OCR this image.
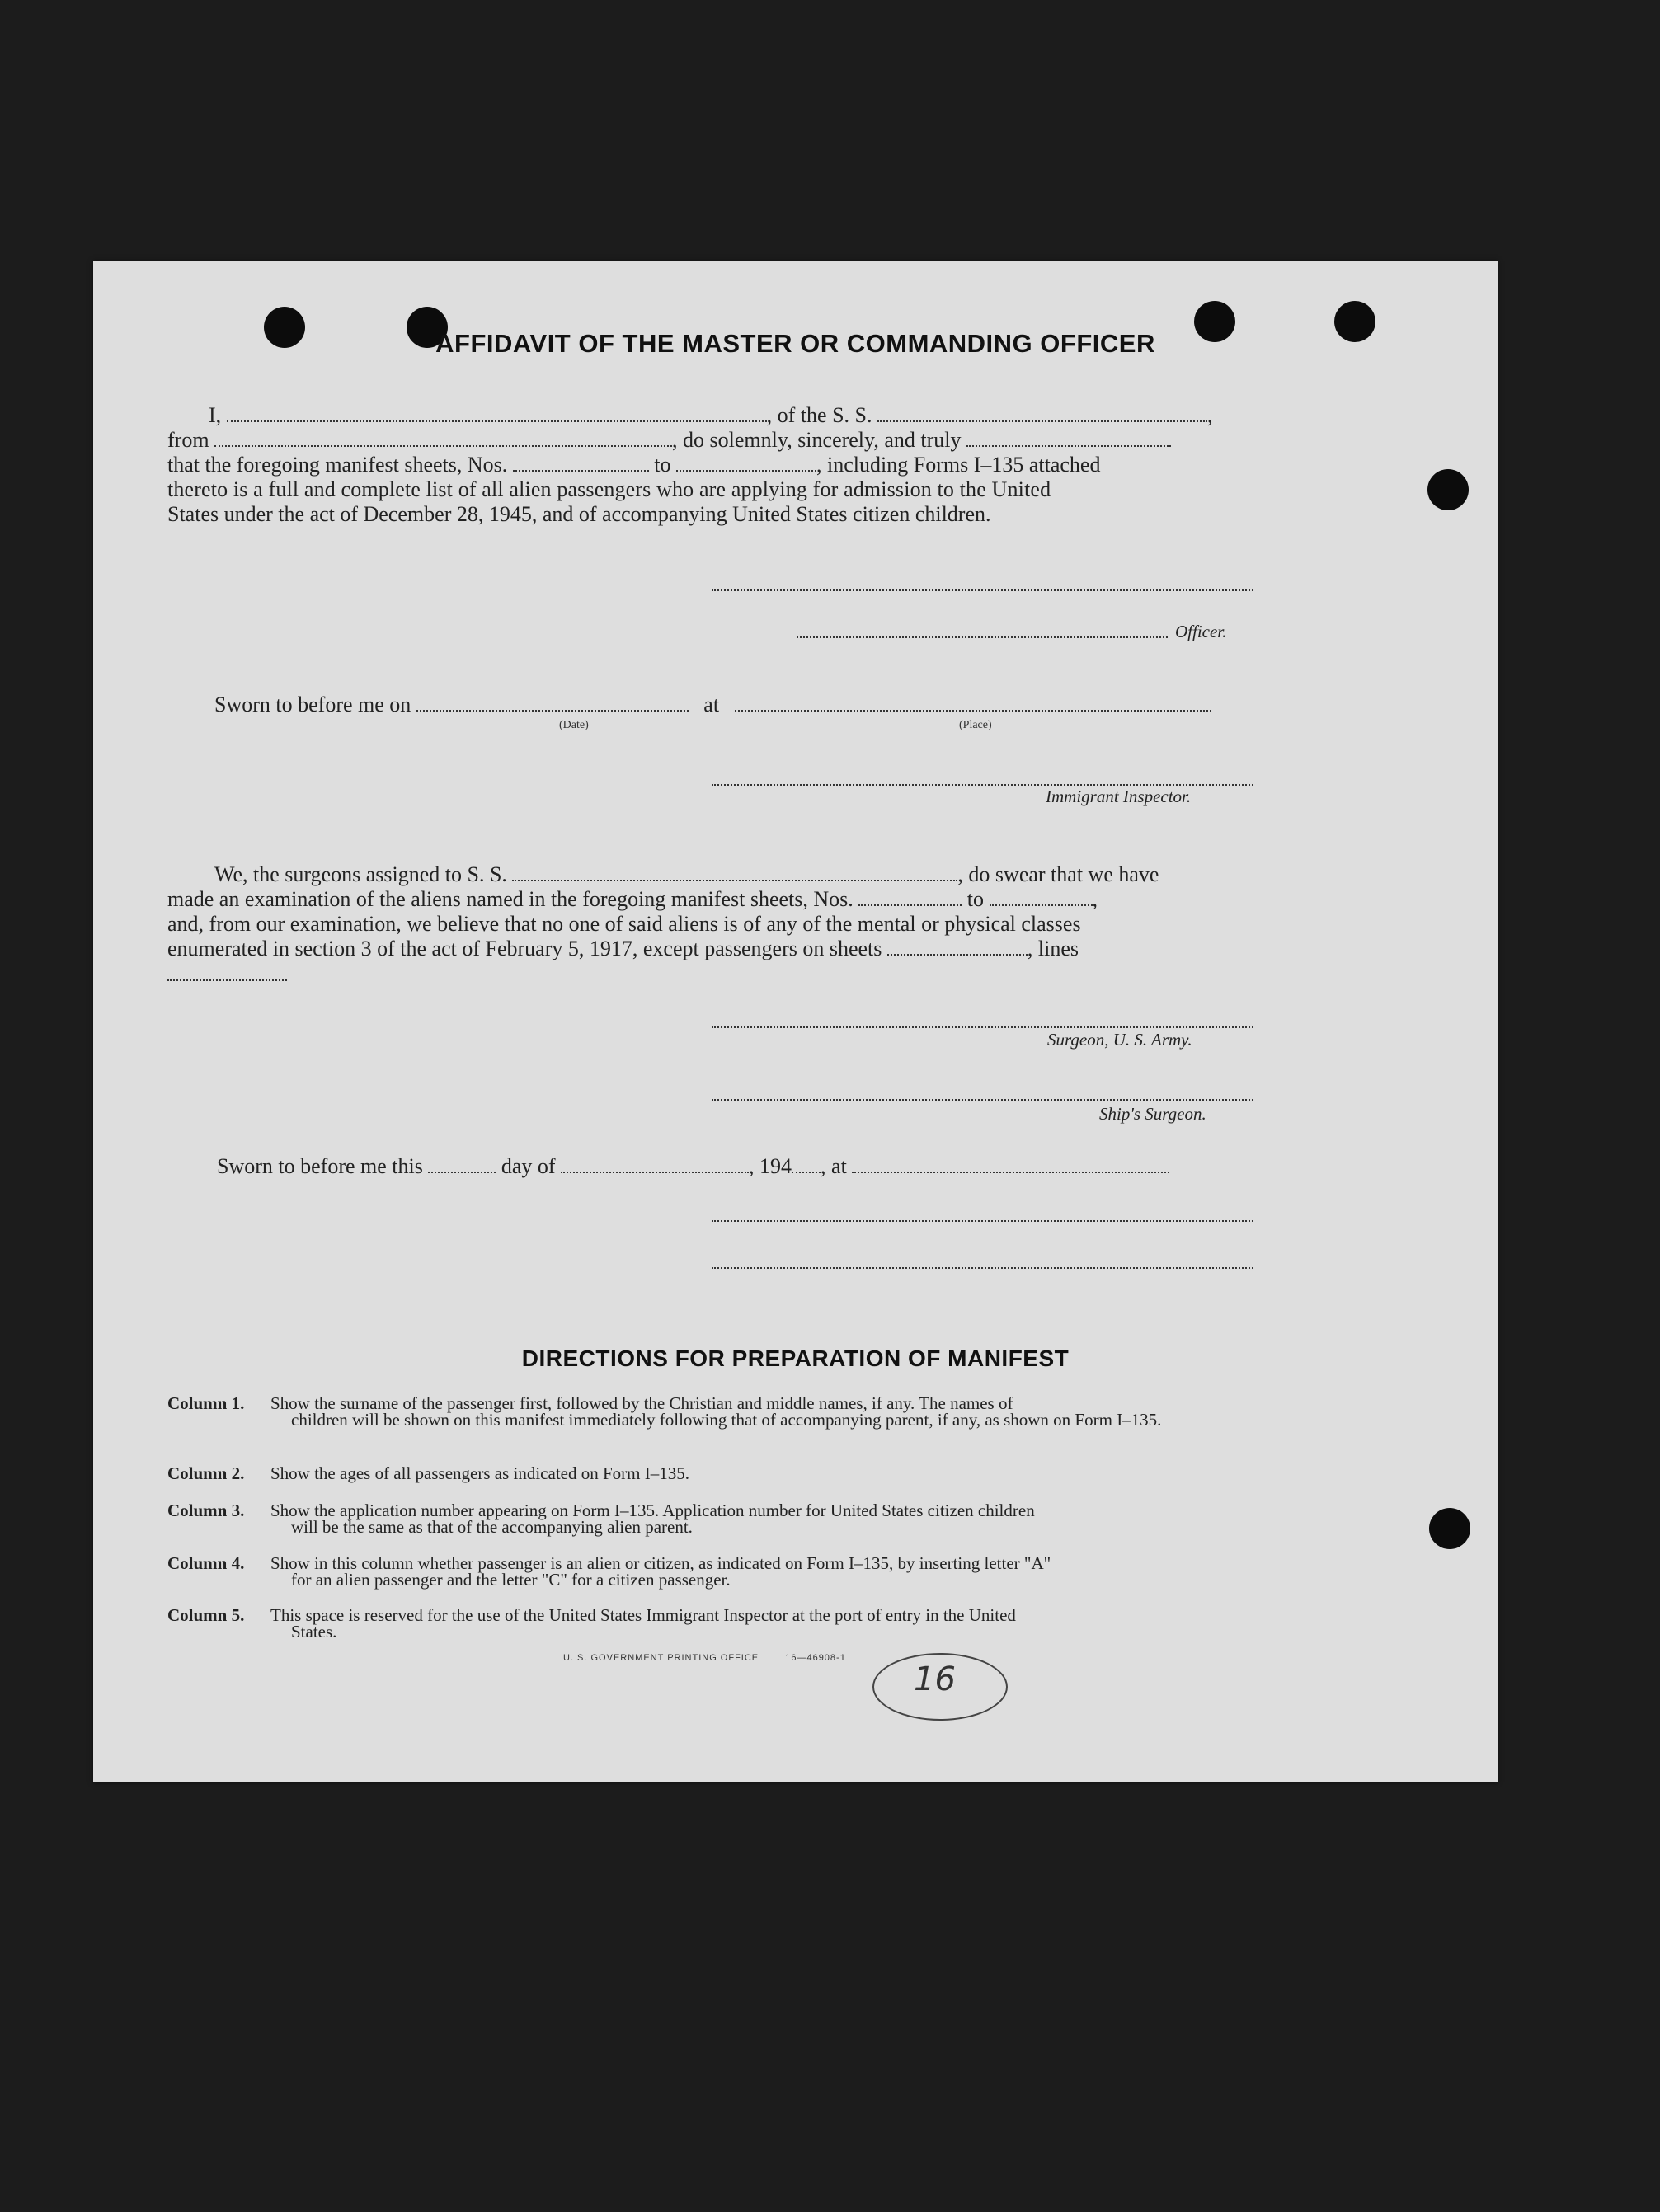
AFFIDAVIT OF THE MASTER OR COMMANDING OFFICER
I,	, of the S. S.	,
from	, do solemnly, sincerely, and truly
that the foregoing manifest sheets, Nos.	to	, including Forms I–135 attached
thereto is a full and complete list of all alien passengers who are applying for admission to the United
States under the act of December 28, 1945, and of accompanying United States citizen children.
Officer.
Sworn to before me on	at
(Date)	(Place)
Immigrant Inspector.
We, the surgeons assigned to S. S.	, do swear that we have
made an examination of the aliens named in the foregoing manifest sheets, Nos.	to	,
and, from our examination, we believe that no one of said aliens is of any of the mental or physical classes
enumerated in section 3 of the act of February 5, 1917, except passengers on sheets	, lines
Surgeon, U. S. Army.
Ship's Surgeon.
Sworn to before me this	day of	, 194 , at
DIRECTIONS FOR PREPARATION OF MANIFEST
Column 1. Show the surname of the passenger first, followed by the Christian and middle names, if any. The names of
children will be shown on this manifest immediately following that of accompanying parent, if any, as shown on Form I–135.
Column 2. Show the ages of all passengers as indicated on Form I–135.
Column 3. Show the application number appearing on Form I–135. Application number for United States citizen children
will be the same as that of the accompanying alien parent.
Column 4. Show in this column whether passenger is an alien or citizen, as indicated on Form I–135, by inserting letter "A"
for an alien passenger and the letter "C" for a citizen passenger.
Column 5. This space is reserved for the use of the United States Immigrant Inspector at the port of entry in the United
States.
U. S. GOVERNMENT PRINTING OFFICE	16—46908-1
16
